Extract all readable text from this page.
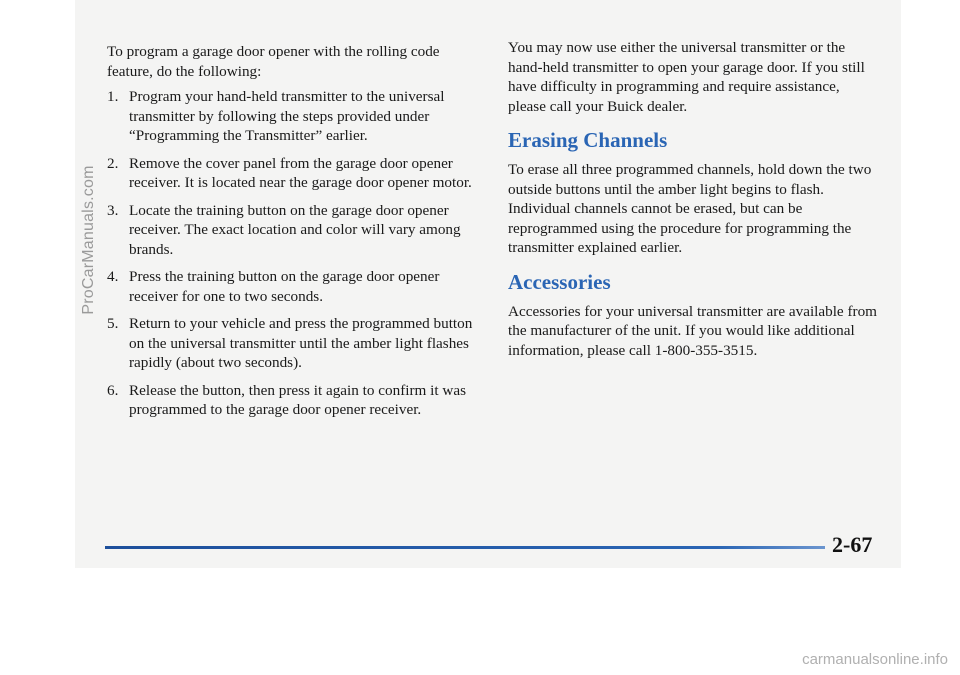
To program a garage door opener with the rolling code feature, do the following:

1. Program your hand-held transmitter to the universal transmitter by following the steps provided under “Programming the Transmitter” earlier.
2. Remove the cover panel from the garage door opener receiver. It is located near the garage door opener motor.
3. Locate the training button on the garage door opener receiver. The exact location and color will vary among brands.
4. Press the training button on the garage door opener receiver for one to two seconds.
5. Return to your vehicle and press the programmed button on the universal transmitter until the amber light flashes rapidly (about two seconds).
6. Release the button, then press it again to confirm it was programmed to the garage door opener receiver.

You may now use either the universal transmitter or the hand-held transmitter to open your garage door. If you still have difficulty in programming and require assistance, please call your Buick dealer.

Erasing Channels

To erase all three programmed channels, hold down the two outside buttons until the amber light begins to flash. Individual channels cannot be erased, but can be reprogrammed using the procedure for programming the transmitter explained earlier.

Accessories

Accessories for your universal transmitter are available from the manufacturer of the unit. If you would like additional information, please call 1-800-355-3515.

ProCarManuals.com
2-67
carmanualsonline.info
